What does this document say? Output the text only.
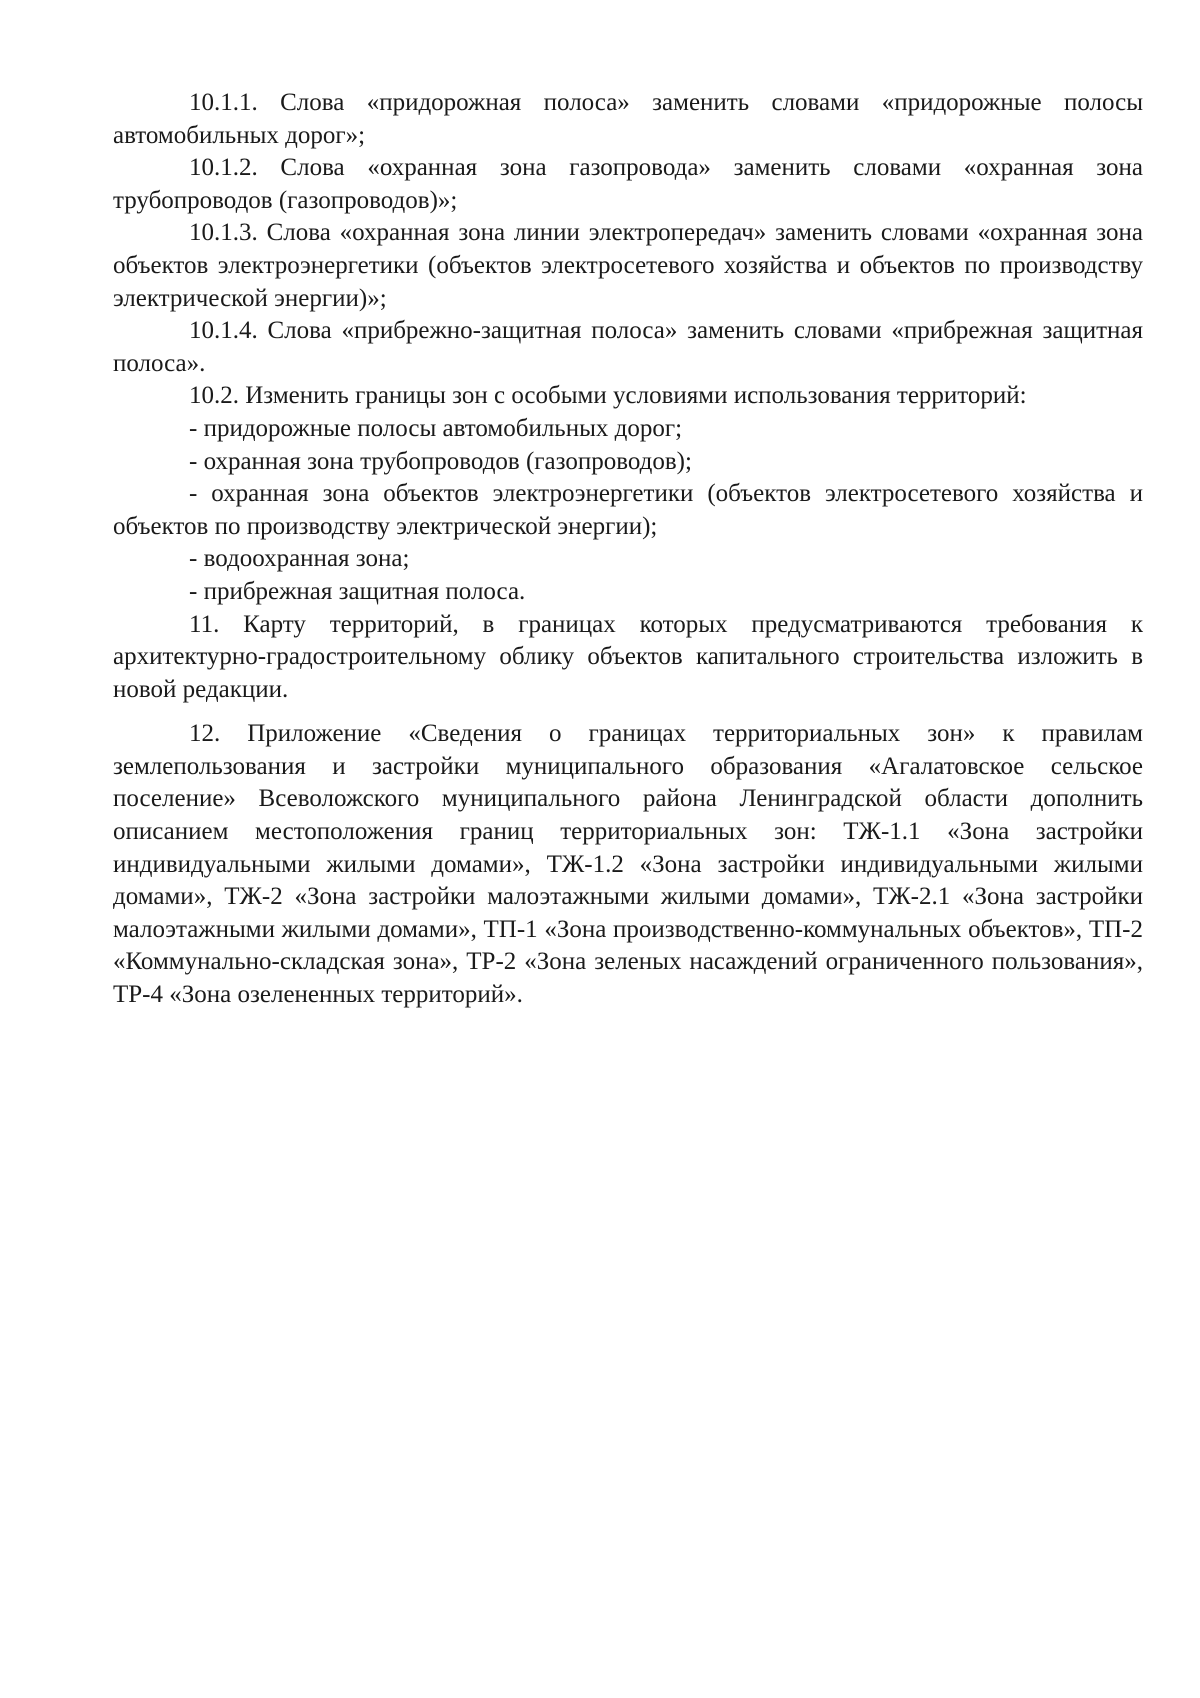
10.1.1. Слова «придорожная полоса» заменить словами «придорожные полосы автомобильных дорог»;

10.1.2. Слова «охранная зона газопровода» заменить словами «охранная зона трубопроводов (газопроводов)»;

10.1.3. Слова «охранная зона линии электропередач» заменить словами «охранная зона объектов электроэнергетики (объектов электросетевого хозяйства и объектов по производству электрической энергии)»;

10.1.4. Слова «прибрежно-защитная полоса» заменить словами «прибрежная защитная полоса».

10.2. Изменить границы зон с особыми условиями использования территорий:

- придорожные полосы автомобильных дорог;

- охранная зона трубопроводов (газопроводов);

- охранная зона объектов электроэнергетики (объектов электросетевого хозяйства и объектов по производству электрической энергии);

- водоохранная зона;

- прибрежная защитная полоса.

11. Карту территорий, в границах которых предусматриваются требования к архитектурно-градостроительному облику объектов капитального строительства изложить в новой редакции.

12. Приложение «Сведения о границах территориальных зон» к правилам землепользования и застройки муниципального образования «Агалатовское сельское поселение» Всеволожского муниципального района Ленинградской области дополнить описанием местоположения границ территориальных зон: ТЖ-1.1 «Зона застройки индивидуальными жилыми домами», ТЖ-1.2 «Зона застройки индивидуальными жилыми домами», ТЖ-2 «Зона застройки малоэтажными жилыми домами», ТЖ-2.1 «Зона застройки малоэтажными жилыми домами», ТП-1 «Зона производственно-коммунальных объектов», ТП-2 «Коммунально-складская зона», ТР-2 «Зона зеленых насаждений ограниченного пользования», ТР-4 «Зона озелененных территорий».
